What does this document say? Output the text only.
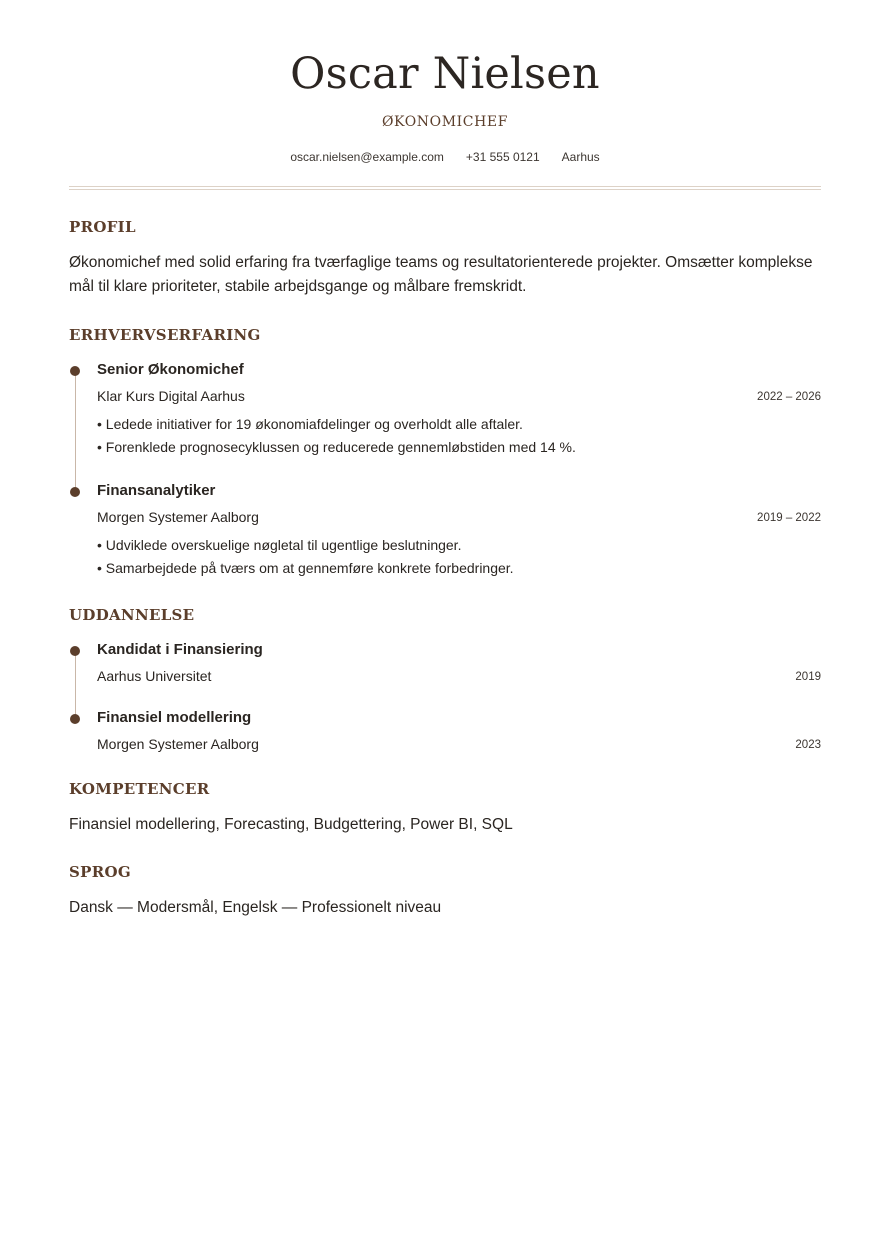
Oscar Nielsen
ØKONOMICHEF
oscar.nielsen@example.com +31 555 0121 Aarhus
PROFIL
Økonomichef med solid erfaring fra tværfaglige teams og resultatorienterede projekter. Omsætter komplekse mål til klare prioriteter, stabile arbejdsgange og målbare fremskridt.
ERHVERVSERFARING
Senior Økonomichef
Klar Kurs Digital Aarhus	2022 – 2026
• Ledede initiativer for 19 økonomiafdelinger og overholdt alle aftaler.
• Forenklede prognosecyklussen og reducerede gennemløbstiden med 14 %.
Finansanalytiker
Morgen Systemer Aalborg	2019 – 2022
• Udviklede overskuelige nøgletal til ugentlige beslutninger.
• Samarbejdede på tværs om at gennemføre konkrete forbedringer.
UDDANNELSE
Kandidat i Finansiering
Aarhus Universitet	2019
Finansiel modellering
Morgen Systemer Aalborg	2023
KOMPETENCER
Finansiel modellering, Forecasting, Budgettering, Power BI, SQL
SPROG
Dansk — Modersmål, Engelsk — Professionelt niveau
